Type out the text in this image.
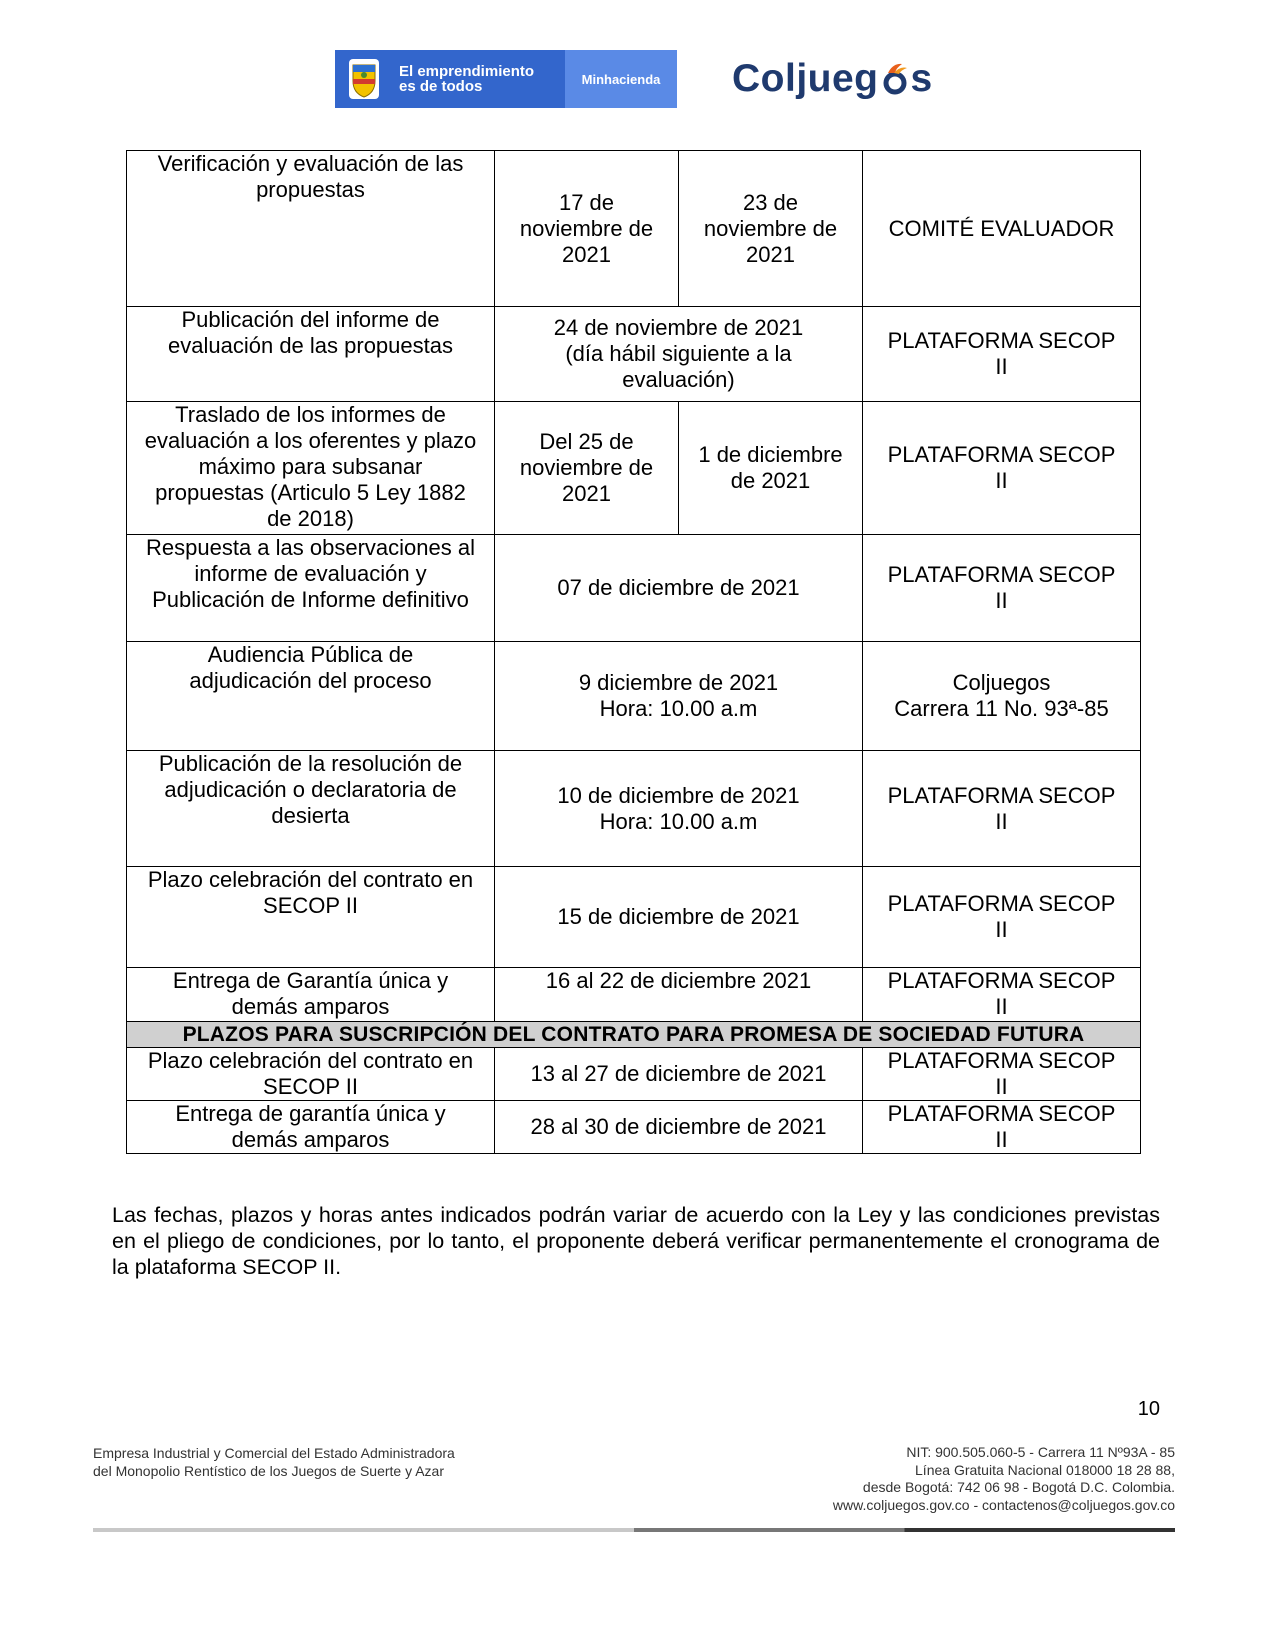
El emprendimiento
es de todos	Minhacienda	Coljueg s
Verificación y evaluación de las
propuestas	17 de
noviembre de
2021	23 de
noviembre de
2021	COMITÉ EVALUADOR
Publicación del informe de
evaluación de las propuestas	24 de noviembre de 2021
(día hábil siguiente a la
evaluación)		PLATAFORMA SECOP
II
Traslado de los informes de
evaluación a los oferentes y plazo
máximo para subsanar
propuestas (Articulo 5 Ley 1882
de 2018)	Del 25 de
noviembre de
2021	1 de diciembre
de 2021	PLATAFORMA SECOP
II
Respuesta a las observaciones al
informe de evaluación y
Publicación de Informe definitivo	07 de diciembre de 2021		PLATAFORMA SECOP
II
Audiencia Pública de
adjudicación del proceso	9 diciembre de 2021
Hora: 10.00 a.m		Coljuegos
Carrera 11 No. 93ª-85
Publicación de la resolución de
adjudicación o declaratoria de
desierta	10 de diciembre de 2021
Hora: 10.00 a.m		PLATAFORMA SECOP
II
Plazo celebración del contrato en
SECOP II	15 de diciembre de 2021		PLATAFORMA SECOP
II
Entrega de Garantía única y
demás amparos	16 al 22 de diciembre 2021		PLATAFORMA SECOP
II
PLAZOS PARA SUSCRIPCIÓN DEL CONTRATO PARA PROMESA DE SOCIEDAD FUTURA			
Plazo celebración del contrato en
SECOP II	13 al 27 de diciembre de 2021		PLATAFORMA SECOP
II
Entrega de garantía única y
demás amparos	28 al 30 de diciembre de 2021		PLATAFORMA SECOP
II

Las fechas, plazos y horas antes indicados podrán variar de acuerdo con la Ley y las condiciones previstas en el pliego de condiciones, por lo tanto, el proponente deberá verificar permanentemente el cronograma de la plataforma SECOP II.

10
Empresa Industrial y Comercial del Estado Administradora
del Monopolio Rentístico de los Juegos de Suerte y Azar
NIT: 900.505.060-5 - Carrera 11 Nº93A - 85
Línea Gratuita Nacional 018000 18 28 88,
desde Bogotá: 742 06 98 - Bogotá D.C. Colombia.
www.coljuegos.gov.co - contactenos@coljuegos.gov.co
